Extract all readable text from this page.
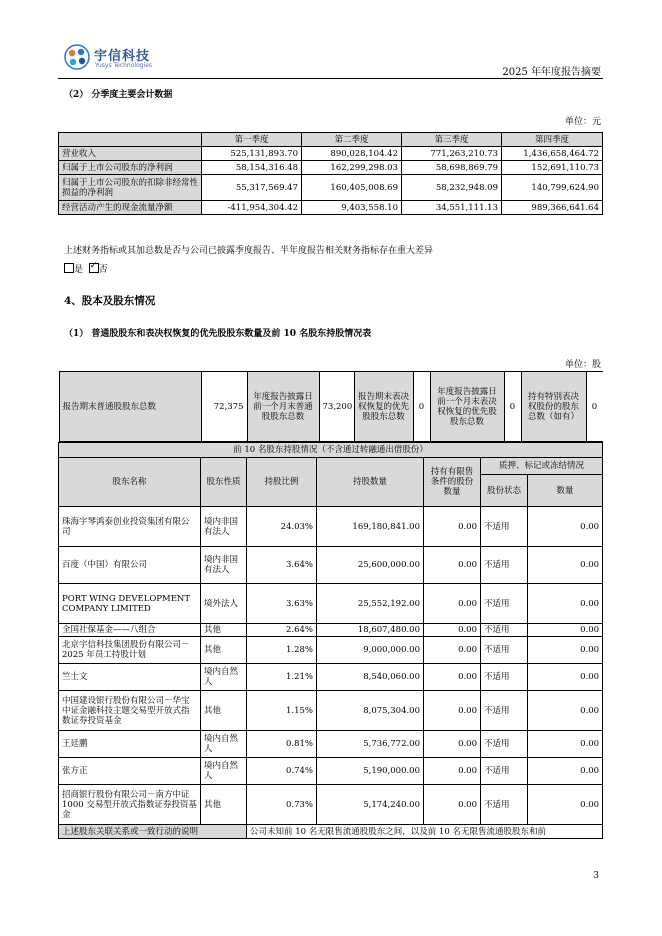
宇信科技
Yusys Technologies
2025 年年度报告摘要
（2） 分季度主要会计数据
单位：元
	第一季度	第二季度	第三季度	第四季度
营业收入	525,131,893.70	890,028,104.42	771,263,210.73	1,436,658,464.72
归属于上市公司股东的净利润	58,154,316.48	162,299,298.03	58,698,869.79	152,691,110.73
归属于上市公司股东的扣除非经常性损益的净利润	55,317,569.47	160,405,008.69	58,232,948.09	140,799,624.90
经营活动产生的现金流量净额	-411,954,304.42	9,403,558.10	34,551,111.13	989,366,641.64
上述财务指标或其加总数是否与公司已披露季度报告、半年度报告相关财务指标存在重大差异
是 ✓ 否
4、股本及股东情况
（1） 普通股股东和表决权恢复的优先股股东数量及前 10 名股东持股情况表
单位：股
报告期末普通股股东总数	72,375	年度报告披露日前一个月末普通股股东总数	73,200	报告期末表决权恢复的优先股股东总数	0	年度报告披露日前一个月末表决权恢复的优先股股东总数	0	持有特别表决权股份的股东总数（如有）	0

前 10 名股东持股情况（不含通过转融通出借股份）
股东名称	股东性质	持股比例	持股数量	持有有限售条件的股份数量	质押、标记或冻结情况
股份状态	数量
珠海宇琴鸿泰创业投资集团有限公司	境内非国有法人	24.03%	169,180,841.00	0.00	不适用	0.00
百度（中国）有限公司	境内非国有法人	3.64%	25,600,000.00	0.00	不适用	0.00
PORT WING DEVELOPMENT COMPANY LIMITED	境外法人	3.63%	25,552,192.00	0.00	不适用	0.00
全国社保基金——八组合	其他	2.64%	18,607,480.00	0.00	不适用	0.00
北京宇信科技集团股份有限公司－2025 年员工持股计划	其他	1.28%	9,000,000.00	0.00	不适用	0.00
竺士文	境内自然人	1.21%	8,540,060.00	0.00	不适用	0.00
中国建设银行股份有限公司－华宝中证金融科技主题交易型开放式指数证券投资基金	其他	1.15%	8,075,304.00	0.00	不适用	0.00
王廷鹏	境内自然人	0.81%	5,736,772.00	0.00	不适用	0.00
张方正	境内自然人	0.74%	5,190,000.00	0.00	不适用	0.00
招商银行股份有限公司－南方中证 1000 交易型开放式指数证券投资基金	其他	0.73%	5,174,240.00	0.00	不适用	0.00
上述股东关联关系或一致行动的说明	公司未知前 10 名无限售流通股股东之间，以及前 10 名无限售流通股股东和前
3
